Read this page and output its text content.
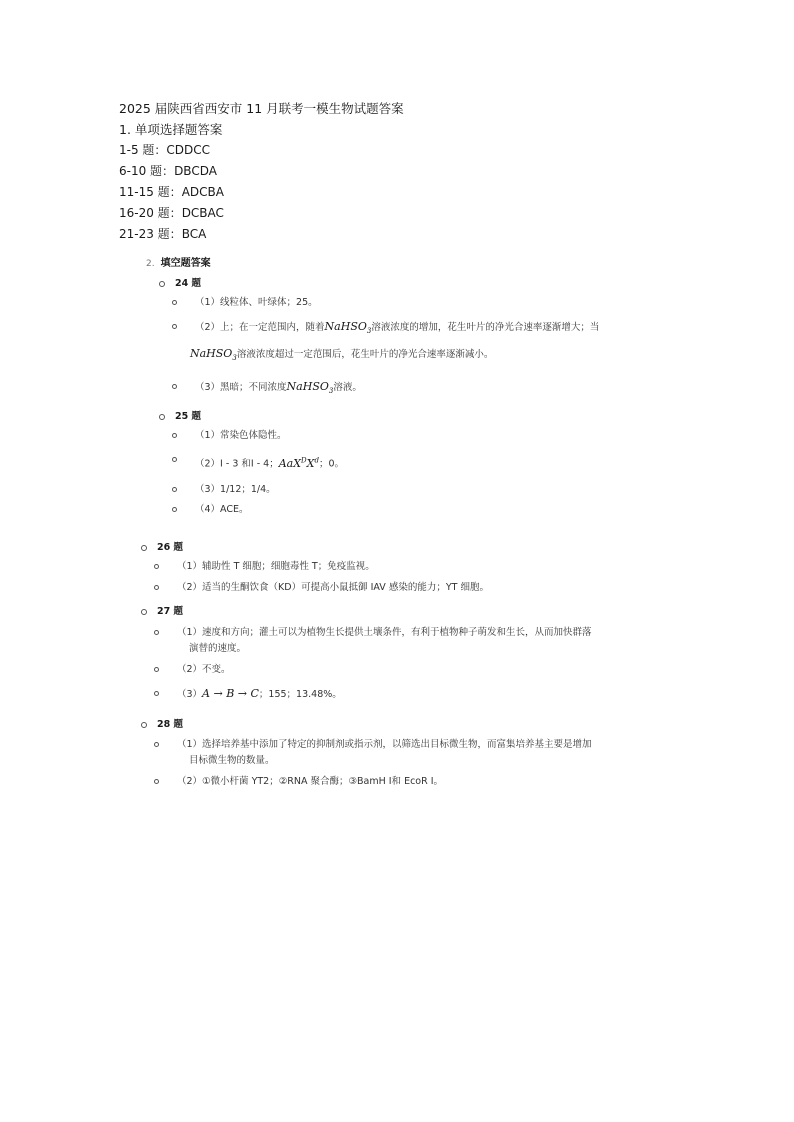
2025 届陕西省西安市 11 月联考一模生物试题答案
1. 单项选择题答案
1-5 题：CDDCC
6-10 题：DBCDA
11-15 题：ADCBA
16-20 题：DCBAC
21-23 题：BCA
2. 填空题答案
24 题
（1）线粒体、叶绿体；25。
（2）上；在一定范围内，随着NaHSO$_3$溶液浓度的增加，花生叶片的净光合速率逐渐增大；当
NaHSO$_3$溶液浓度超过一定范围后，花生叶片的净光合速率逐渐减小。
（3）黑暗；不同浓度NaHSO$_3$溶液。
25 题
（1）常染色体隐性。
（2）Ⅰ - 3 和Ⅰ - 4；$AaX^DX^d$；0。
（3）1/12；1/4。
（4）ACE。
26 题
（1）辅助性 T 细胞；细胞毒性 T；免疫监视。
（2）适当的生酮饮食（KD）可提高小鼠抵御 IAV 感染的能力；YT 细胞。
27 题
（1）速度和方向；灌土可以为植物生长提供土壤条件，有利于植物种子萌发和生长，从而加快群落
演替的速度。
（2）不变。
（3）A → B → C；155；13.48%。
28 题
（1）选择培养基中添加了特定的抑制剂或指示剂，以筛选出目标微生物，而富集培养基主要是增加
目标微生物的数量。
（2）①微小杆菌 YT2；②RNA 聚合酶；③BamH Ⅰ和 EcoR Ⅰ。
